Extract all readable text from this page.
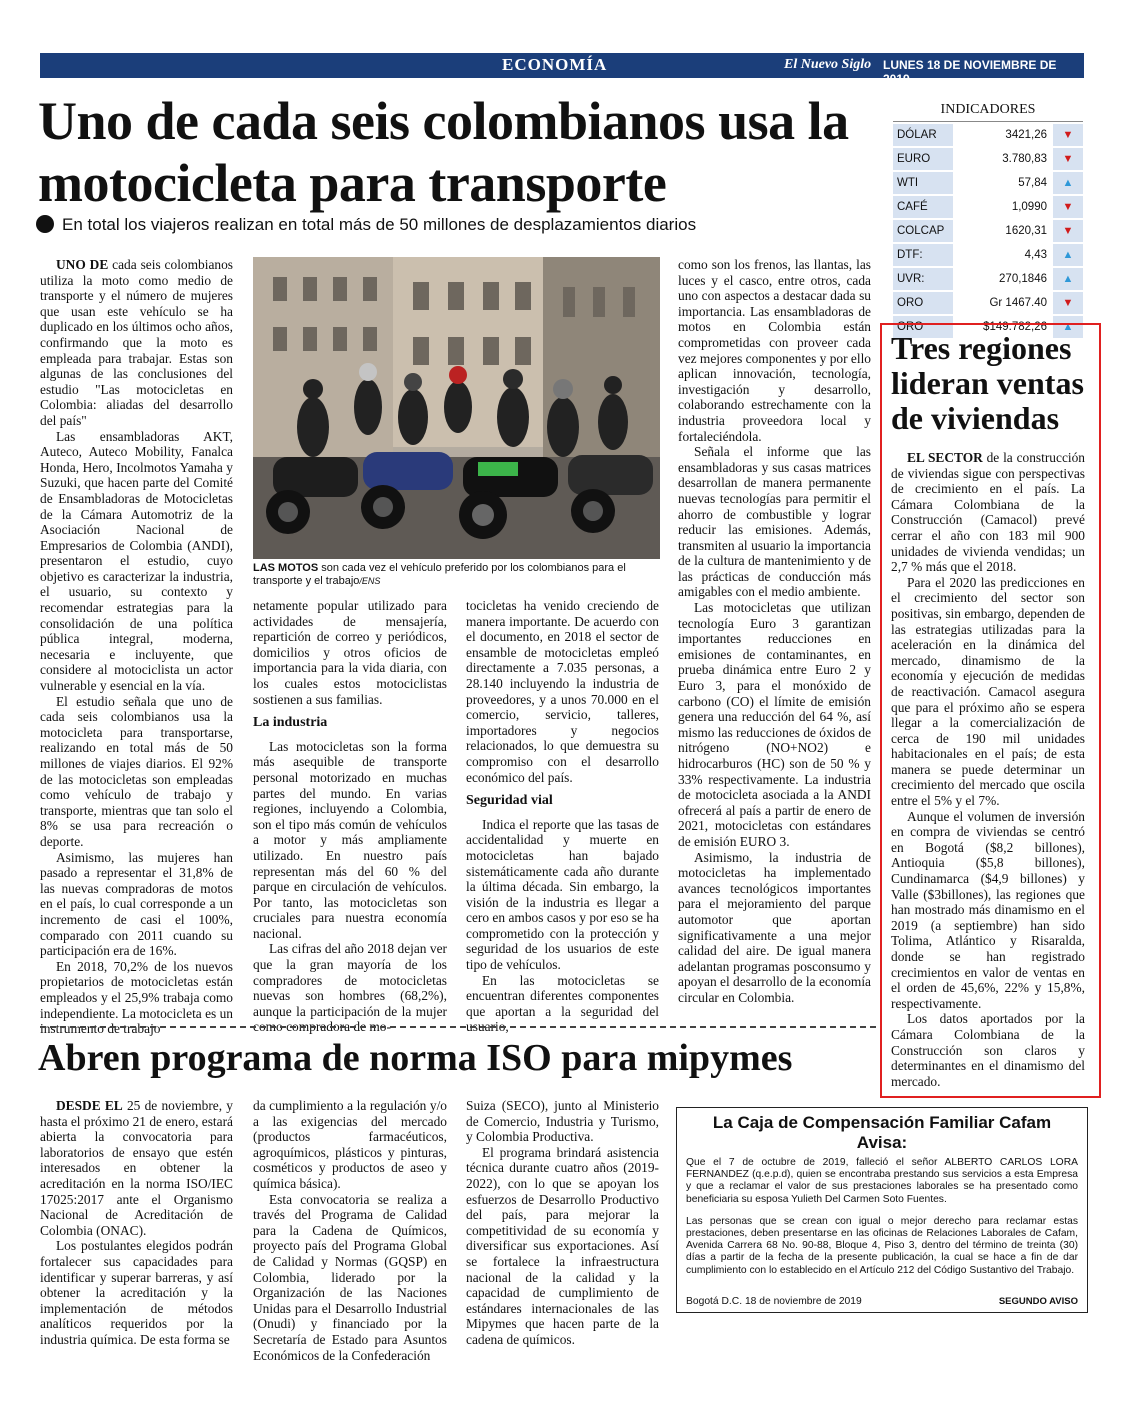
ECONOMÍA	El Nuevo Siglo LUNES 18 DE NOVIEMBRE DE 2019
3B
Uno de cada seis colombianos usa la motocicleta para transporte
En total los viajeros realizan en total más de 50 millones de desplazamientos diarios

UNO DE cada seis colombianos utiliza la moto como medio de transporte y el número de mujeres que usan este vehículo se ha duplicado en los últimos ocho años, confirmando que la moto es empleada para trabajar. Estas son algunas de las conclusiones del estudio "Las motocicletas en Colombia: aliadas del desarrollo del país"

Las ensambladoras AKT, Auteco, Auteco Mobility, Fanalca Honda, Hero, Incolmotos Yamaha y Suzuki, que hacen parte del Comité de Ensambladoras de Motocicletas de la Cámara Automotriz de la Asociación Nacional de Empresarios de Colombia (ANDI), presentaron el estudio, cuyo objetivo es caracterizar la industria, el usuario, su contexto y recomendar estrategias para la consolidación de una política pública integral, moderna, necesaria e incluyente, que considere al motociclista un actor vulnerable y esencial en la vía.

El estudio señala que uno de cada seis colombianos usa la motocicleta para transportarse, realizando en total más de 50 millones de viajes diarios. El 92% de las motocicletas son empleadas como vehículo de trabajo y transporte, mientras que tan solo el 8% se usa para recreación o deporte.

Asimismo, las mujeres han pasado a representar el 31,8% de las nuevas compradoras de motos en el país, lo cual corresponde a un incremento de casi el 100%, comparado con 2011 cuando su participación era de 16%.

En 2018, 70,2% de los nuevos propietarios de motocicletas están empleados y el 25,9% trabaja como independiente. La motocicleta es un instrumento de trabajo

LAS MOTOS son cada vez el vehículo preferido por los colombianos para el transporte y el trabajo/ENS

netamente popular utilizado para actividades de mensajería, repartición de correo y periódicos, domicilios y otros oficios de importancia para la vida diaria, con los cuales estos motociclistas sostienen a sus familias.

La industria

Las motocicletas son la forma más asequible de transporte personal motorizado en muchas partes del mundo. En varias regiones, incluyendo a Colombia, son el tipo más común de vehículos a motor y más ampliamente utilizado. En nuestro país representan más del 60 % del parque en circulación de vehículos. Por tanto, las motocicletas son cruciales para nuestra economía nacional.

Las cifras del año 2018 dejan ver que la gran mayoría de los compradores de motocicletas nuevas son hombres (68,2%), aunque la participación de la mujer como compradora de mo-

tocicletas ha venido creciendo de manera importante. De acuerdo con el documento, en 2018 el sector de ensamble de motocicletas empleó directamente a 7.035 personas, a 28.140 incluyendo la industria de proveedores, y a unos 70.000 en el comercio, servicio, talleres, importadores y negocios relacionados, lo que demuestra su compromiso con el desarrollo económico del país.

Seguridad vial

Indica el reporte que las tasas de accidentalidad y muerte en motocicletas han bajado sistemáticamente cada año durante la última década. Sin embargo, la visión de la industria es llegar a cero en ambos casos y por eso se ha comprometido con la protección y seguridad de los usuarios de este tipo de vehículos.

En las motocicletas se encuentran diferentes componentes que aportan a la seguridad del usuario,

como son los frenos, las llantas, las luces y el casco, entre otros, cada uno con aspectos a destacar dada su importancia. Las ensambladoras de motos en Colombia están comprometidas con proveer cada vez mejores componentes y por ello aplican innovación, tecnología, investigación y desarrollo, colaborando estrechamente con la industria proveedora local y fortaleciéndola.

Señala el informe que las ensambladoras y sus casas matrices desarrollan de manera permanente nuevas tecnologías para permitir el ahorro de combustible y lograr reducir las emisiones. Además, transmiten al usuario la importancia de la cultura de mantenimiento y de las prácticas de conducción más amigables con el medio ambiente.

Las motocicletas que utilizan tecnología Euro 3 garantizan importantes reducciones en emisiones de contaminantes, en prueba dinámica entre Euro 2 y Euro 3, para el monóxido de carbono (CO) el límite de emisión genera una reducción del 64 %, así mismo las reducciones de óxidos de nitrógeno (NO+NO2) e hidrocarburos (HC) son de 50 % y 33% respectivamente. La industria de motocicleta asociada a la ANDI ofrecerá al país a partir de enero de 2021, motocicletas con estándares de emisión EURO 3.

Asimismo, la industria de motocicletas ha implementado avances tecnológicos importantes para el mejoramiento del parque automotor que aportan significativamente a una mejor calidad del aire. De igual manera adelantan programas posconsumo y apoyan el desarrollo de la economía circular en Colombia.

INDICADORES
DÓLAR	3421,26	▼
EURO	3.780,83	▼
WTI	57,84	▲
CAFÉ	1,0990	▼
COLCAP	1620,31	▼
DTF:	4,43	▲
UVR:	270,1846	▲
ORO	Gr 1467.40	▼
ORO	$149.782,26	▲
Tres regiones lideran ventas de viviendas

EL SECTOR de la construcción de viviendas sigue con perspectivas de crecimiento en el país. La Cámara Colombiana de la Construcción (Camacol) prevé cerrar el año con 183 mil 900 unidades de vivienda vendidas; un 2,7 % más que el 2018.

Para el 2020 las predicciones en el crecimiento del sector son positivas, sin embargo, dependen de las estrategias utilizadas para la aceleración en la dinámica del mercado, dinamismo de la economía y ejecución de medidas de reactivación. Camacol asegura que para el próximo año se espera llegar a la comercialización de cerca de 190 mil unidades habitacionales en el país; de esta manera se puede determinar un crecimiento del mercado que oscila entre el 5% y el 7%.

Aunque el volumen de inversión en compra de viviendas se centró en Bogotá ($8,2 billones), Antioquia ($5,8 billones), Cundinamarca ($4,9 billones) y Valle ($3billones), las regiones que han mostrado más dinamismo en el 2019 (a septiembre) han sido Tolima, Atlántico y Risaralda, donde se han registrado crecimientos en valor de ventas en el orden de 45,6%, 22% y 15,8%, respectivamente.

Los datos aportados por la Cámara Colombiana de la Construcción son claros y determinantes en el dinamismo del mercado.

Abren programa de norma ISO para mipymes

DESDE EL 25 de noviembre, y hasta el próximo 21 de enero, estará abierta la convocatoria para laboratorios de ensayo que estén interesados en obtener la acreditación en la norma ISO/IEC 17025:2017 ante el Organismo Nacional de Acreditación de Colombia (ONAC).

Los postulantes elegidos podrán fortalecer sus capacidades para identificar y superar barreras, y así obtener la acreditación y la implementación de métodos analíticos requeridos por la industria química. De esta forma se

da cumplimiento a la regulación y/o a las exigencias del mercado (productos farmacéuticos, agroquímicos, plásticos y pinturas, cosméticos y productos de aseo y química básica).

Esta convocatoria se realiza a través del Programa de Calidad para la Cadena de Químicos, proyecto país del Programa Global de Calidad y Normas (GQSP) en Colombia, liderado por la Organización de las Naciones Unidas para el Desarrollo Industrial (Onudi) y financiado por la Secretaría de Estado para Asuntos Económicos de la Confederación

Suiza (SECO), junto al Ministerio de Comercio, Industria y Turismo, y Colombia Productiva.

El programa brindará asistencia técnica durante cuatro años (2019-2022), con lo que se apoyan los esfuerzos de Desarrollo Productivo del país, para mejorar la competitividad de su economía y diversificar sus exportaciones. Así se fortalece la infraestructura nacional de la calidad y la capacidad de cumplimiento de estándares internacionales de las Mipymes que hacen parte de la cadena de químicos.

La Caja de Compensación Familiar Cafam Avisa:
Que el 7 de octubre de 2019, falleció el señor ALBERTO CARLOS LORA FERNANDEZ (q.e.p.d), quien se encontraba prestando sus servicios a esta Empresa y que a reclamar el valor de sus prestaciones laborales se ha presentado como beneficiaria su esposa Yulieth Del Carmen Soto Fuentes.
Las personas que se crean con igual o mejor derecho para reclamar estas prestaciones, deben presentarse en las oficinas de Relaciones Laborales de Cafam, Avenida Carrera 68 No. 90-88, Bloque 4, Piso 3, dentro del término de treinta (30) días a partir de la fecha de la presente publicación, la cual se hace a fin de dar cumplimiento con lo establecido en el Artículo 212 del Código Sustantivo del Trabajo.
Bogotá D.C. 18 de noviembre de 2019	SEGUNDO AVISO
